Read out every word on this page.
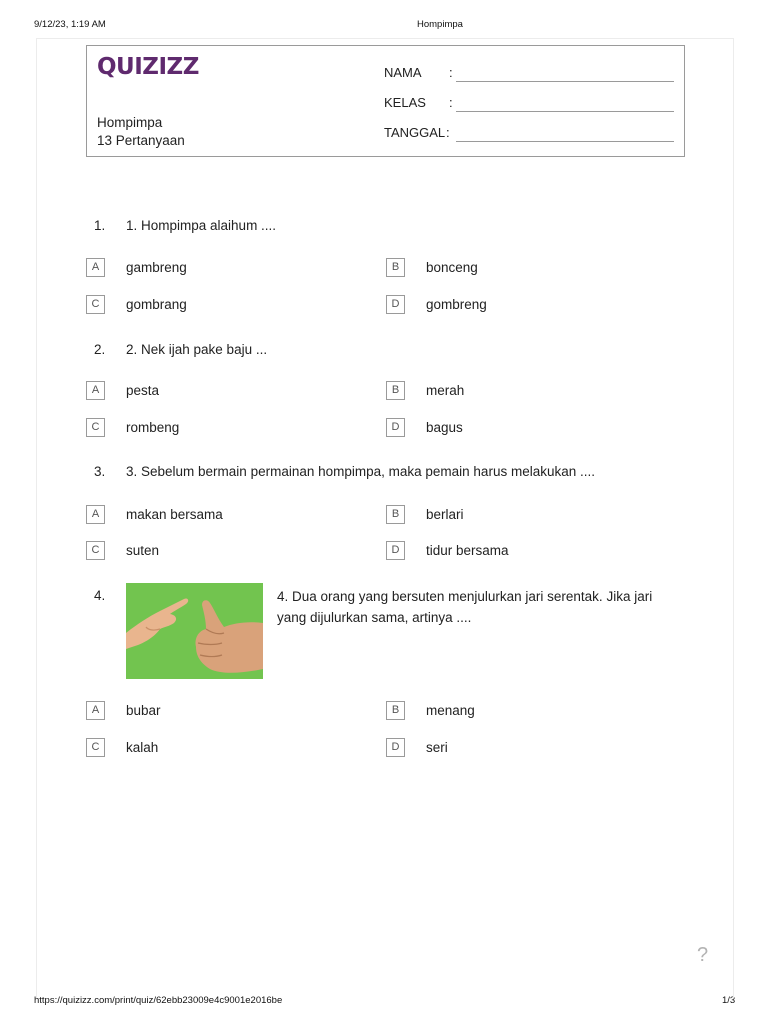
9/12/23, 1:19 AM	Hompimpa
https://quizizz.com/print/quiz/62ebb23009e4c9001e2016be	1/3
QUIZIZZ
Hompimpa
13 Pertanyaan
NAMA :
KELAS :
TANGGAL :
1. 1. Hompimpa alaihum ....
A	gambreng	B	bonceng
C	gombrang	D	gombreng
2. 2. Nek ijah pake baju ...
A	pesta	B	merah
C	rombeng	D	bagus
3. 3. Sebelum bermain permainan hompimpa, maka pemain harus melakukan ....
A	makan bersama	B	berlari
C	suten	D	tidur bersama
4.	4. Dua orang yang bersuten menjulurkan jari serentak. Jika jari yang dijulurkan sama, artinya ....
A	bubar	B	menang
C	kalah	D	seri
?
